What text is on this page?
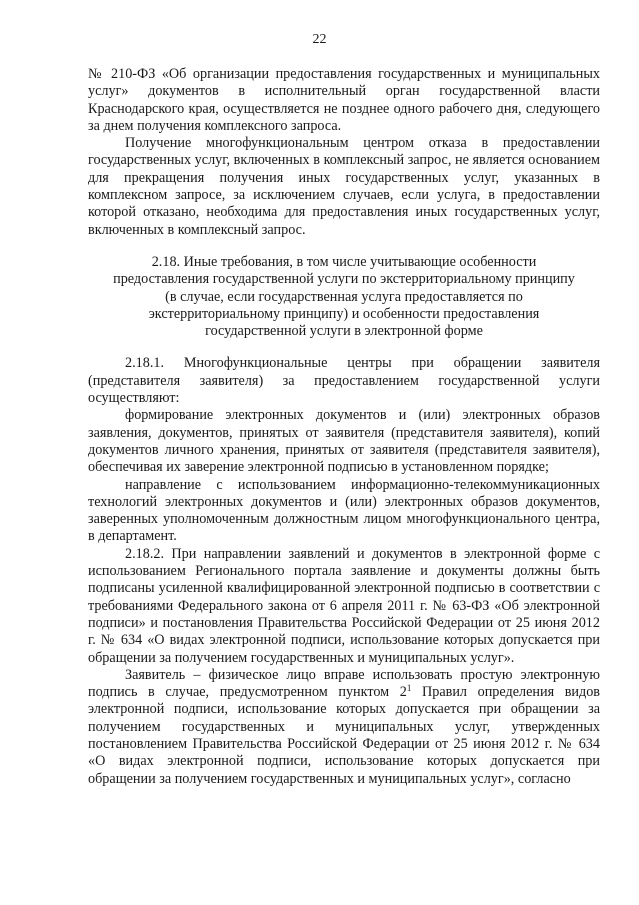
22

№ 210-ФЗ «Об организации предоставления государственных и муниципальных услуг» документов в исполнительный орган государственной власти Краснодарского края, осуществляется не позднее одного рабочего дня, следующего за днем получения комплексного запроса.

Получение многофункциональным центром отказа в предоставлении государственных услуг, включенных в комплексный запрос, не является основанием для прекращения получения иных государственных услуг, указанных в комплексном запросе, за исключением случаев, если услуга, в предоставлении которой отказано, необходима для предоставления иных государственных услуг, включенных в комплексный запрос.

2.18. Иные требования, в том числе учитывающие особенности предоставления государственной услуги по экстерриториальному принципу (в случае, если государственная услуга предоставляется по экстерриториальному принципу) и особенности предоставления государственной услуги в электронной форме

2.18.1. Многофункциональные центры при обращении заявителя (представителя заявителя) за предоставлением государственной услуги осуществляют:

формирование электронных документов и (или) электронных образов заявления, документов, принятых от заявителя (представителя заявителя), копий документов личного хранения, принятых от заявителя (представителя заявителя), обеспечивая их заверение электронной подписью в установленном порядке;

направление с использованием информационно-телекоммуникационных технологий электронных документов и (или) электронных образов документов, заверенных уполномоченным должностным лицом многофункционального центра, в департамент.

2.18.2. При направлении заявлений и документов в электронной форме с использованием Регионального портала заявление и документы должны быть подписаны усиленной квалифицированной электронной подписью в соответствии с требованиями Федерального закона от 6 апреля 2011 г. № 63-ФЗ «Об электронной подписи» и постановления Правительства Российской Федерации от 25 июня 2012 г. № 634 «О видах электронной подписи, использование которых допускается при обращении за получением государственных и муниципальных услуг».

Заявитель – физическое лицо вправе использовать простую электронную подпись в случае, предусмотренном пунктом $2^1$ Правил определения видов электронной подписи, использование которых допускается при обращении за получением государственных и муниципальных услуг, утвержденных постановлением Правительства Российской Федерации от 25 июня 2012 г. № 634 «О видах электронной подписи, использование которых допускается при обращении за получением государственных и муниципальных услуг», согласно
